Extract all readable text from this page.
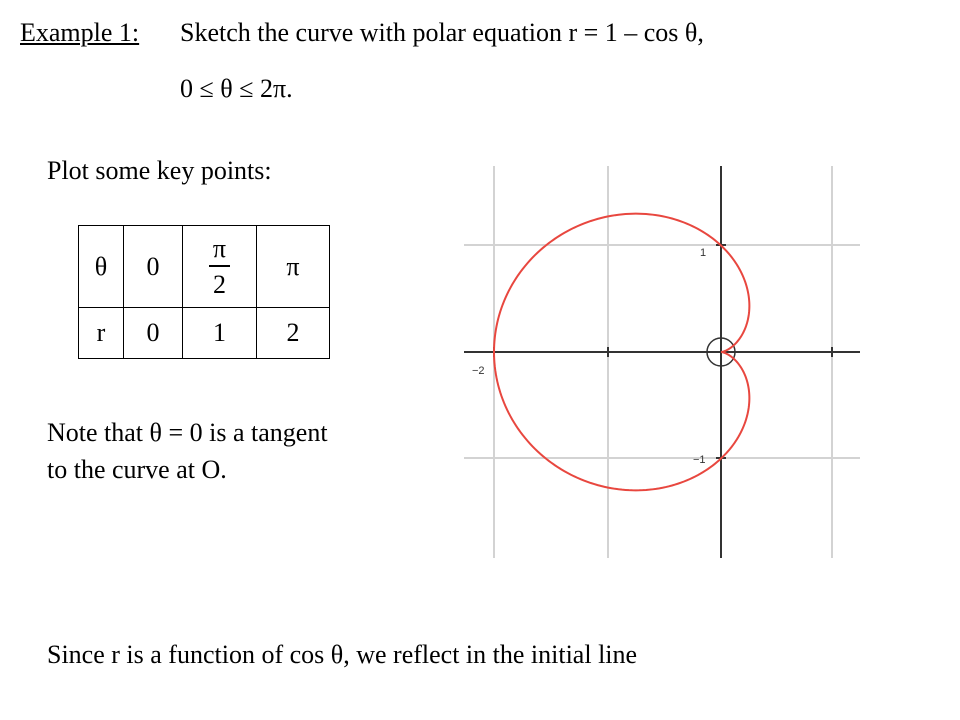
Example 1: Sketch the curve with polar equation r = 1 – cos θ,
0 ≤ θ ≤ 2π.
Plot some key points:
θ	0	$\frac{\pi}{2}$	π
r	0	1	2
Note that θ = 0 is a tangent
to the curve at O.
1
−2
−1
Since r is a function of cos θ, we reflect in the initial line
